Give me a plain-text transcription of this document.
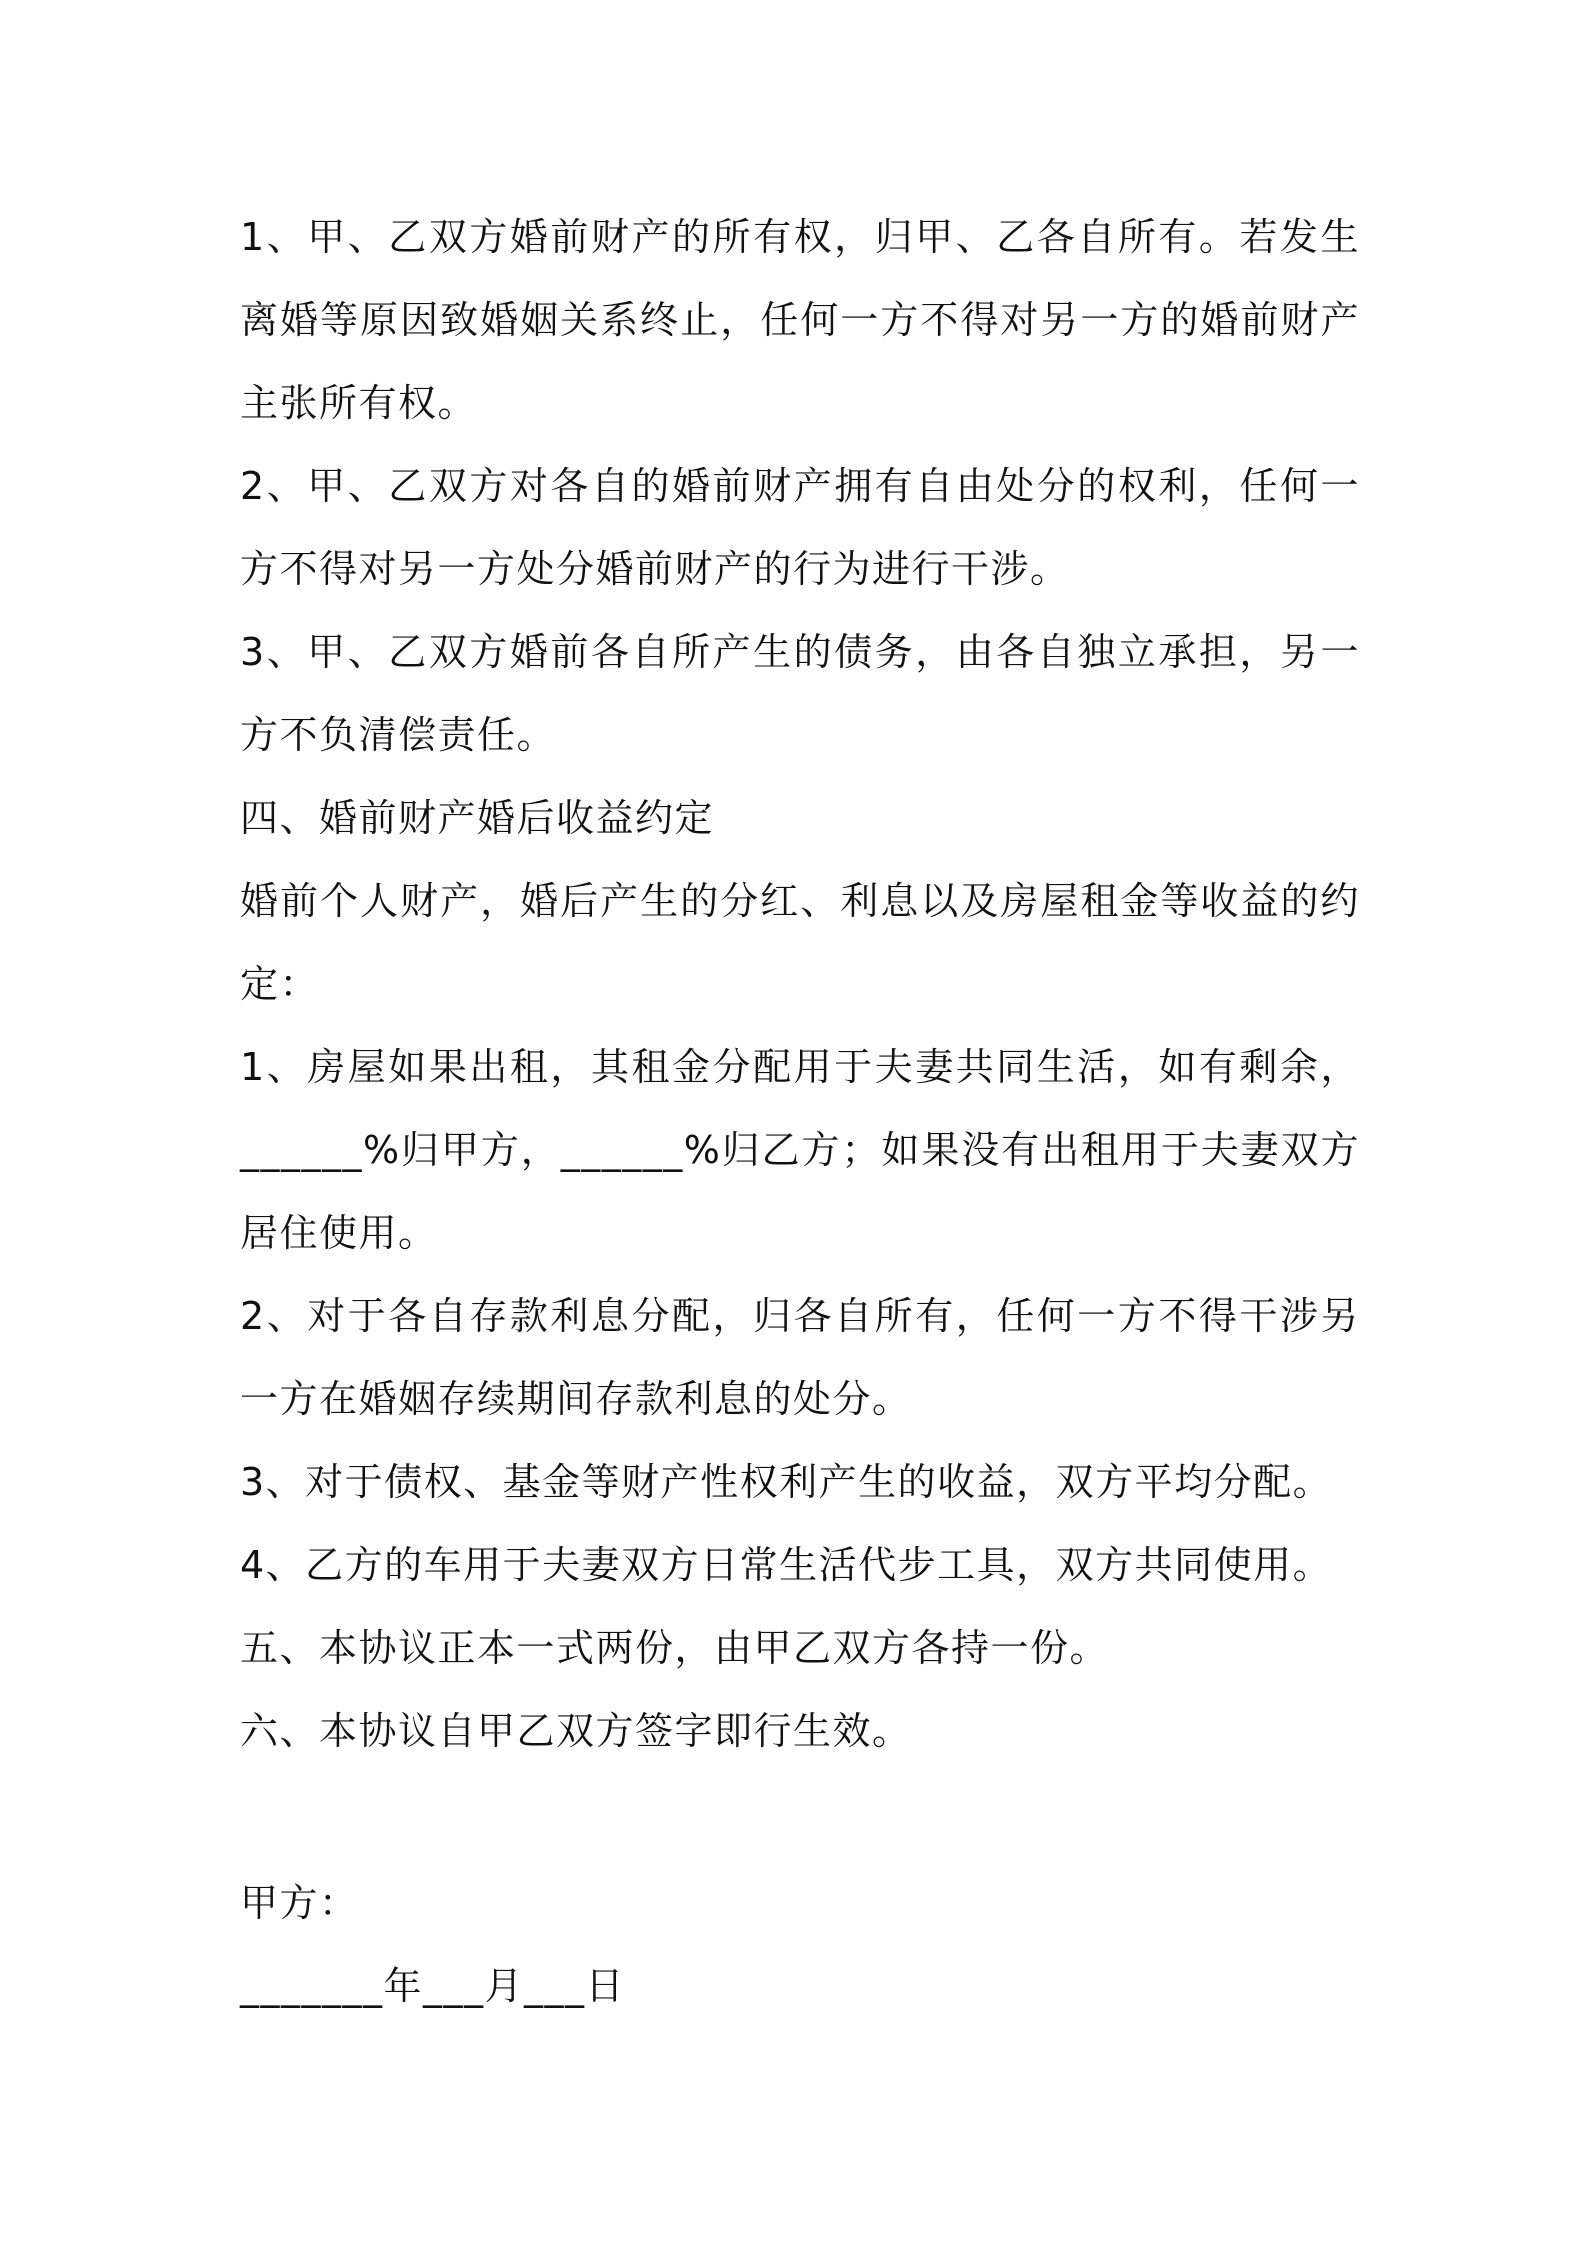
1、甲、乙双方婚前财产的所有权，归甲、乙各自所有。若发生离婚等原因致婚姻关系终止，任何一方不得对另一方的婚前财产主张所有权。

2、甲、乙双方对各自的婚前财产拥有自由处分的权利，任何一方不得对另一方处分婚前财产的行为进行干涉。

3、甲、乙双方婚前各自所产生的债务，由各自独立承担，另一方不负清偿责任。

四、婚前财产婚后收益约定

婚前个人财产，婚后产生的分红、利息以及房屋租金等收益的约定：

1、房屋如果出租，其租金分配用于夫妻共同生活，如有剩余，______%归甲方，______%归乙方；如果没有出租用于夫妻双方居住使用。

2、对于各自存款利息分配，归各自所有，任何一方不得干涉另一方在婚姻存续期间存款利息的处分。

3、对于债权、基金等财产性权利产生的收益，双方平均分配。

4、乙方的车用于夫妻双方日常生活代步工具，双方共同使用。

五、本协议正本一式两份，由甲乙双方各持一份。

六、本协议自甲乙双方签字即行生效。

甲方：

_______年___月___日
